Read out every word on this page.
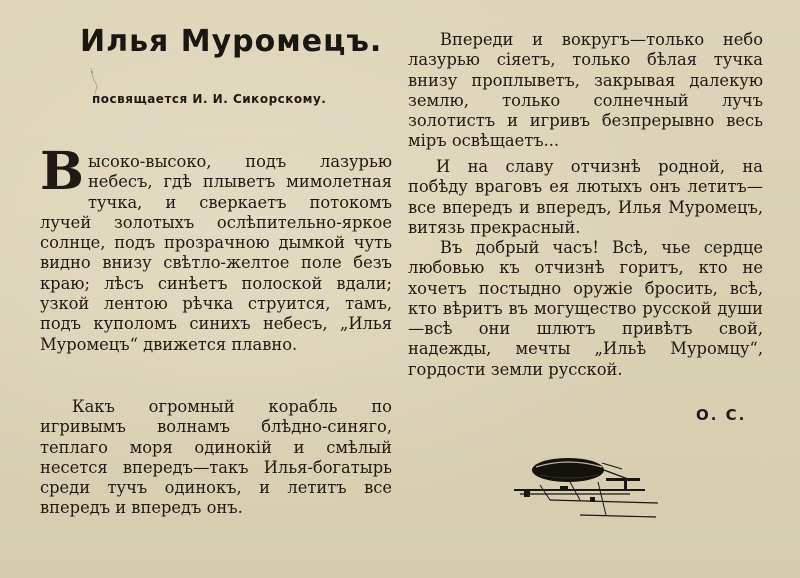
Илья Муромецъ.
посвящается И. И. Сикорскому.

Высоко-высоко, подъ лазурью небесъ, гдѣ плыветъ мимолетная тучка, и сверкаетъ потокомъ лучей золотыхъ ослѣпительно-яркое солнце, подъ прозрачною дымкой чуть видно внизу свѣтло-желтое поле безъ краю; лѣсъ синѣетъ полоской вдали; узкой лентою рѣчка струится, тамъ, подъ куполомъ синихъ небесъ, „Илья Муромецъ“ движется плавно.

Какъ огромный корабль по игривымъ волнамъ блѣдно-синяго, теплаго моря одинокій и смѣлый несется впередъ—такъ Илья-богатырь среди тучъ одинокъ, и летитъ все впередъ и впередъ онъ.

Впереди и вокругъ—только небо лазурью сіяетъ, только бѣлая тучка внизу проплыветъ, закрывая далекую землю, только солнечный лучъ золотистъ и игривъ безпрерывно весь міръ освѣщаетъ...

И на славу отчизнѣ родной, на побѣду враговъ ея лютыхъ онъ летитъ—все впередъ и впередъ, Илья Муромецъ, витязь прекрасный.

Въ добрый часъ! Всѣ, чье сердце любовью къ отчизнѣ горитъ, кто не хочетъ постыдно оружіе бросить, всѣ, кто вѣритъ въ могущество русской души—всѣ они шлютъ привѣтъ свой, надежды, мечты „Ильѣ Муромцу“, гордости земли русской.

О. С.
